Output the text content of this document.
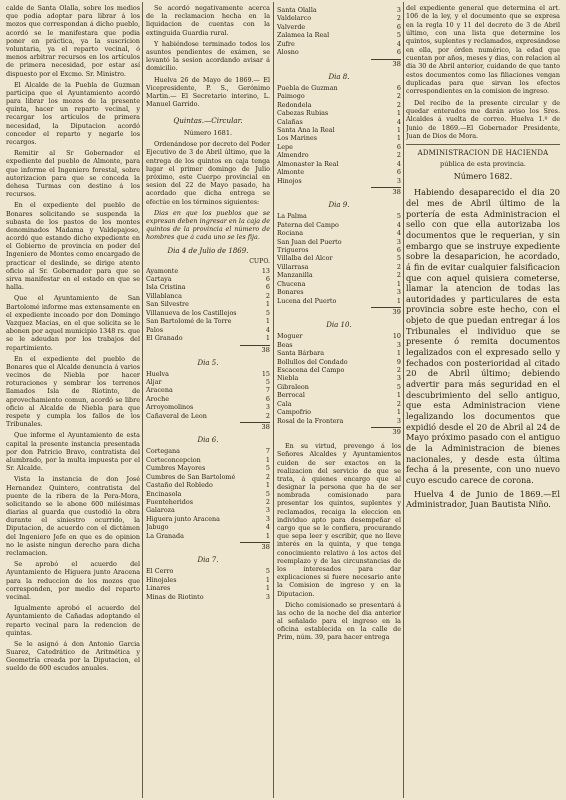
calde de Santa Olalla, sobre los medios que podia adoptar para librar á los mozos que correspondan á dicho pueblo, acordó se le manifestara que podia poner en práctica, ya la suscricion voluntaria, ya el reparto vecinal, ó menos arbitrar recursos en los artículos de primera necesidad, por estar así dispuesto por el Excmo. Sr. Ministro.

El Alcalde de la Puebla de Guzman participa que el Ayuntamiento acordó para librar los mozos de la presente quinta, hacer un reparto vecinal, y recargar los artículos de primera necesidad, la Diputacion acordó conceder el reparto y negarle los recargos.

Remitir al Sr Gobernador el expediente del pueblo de Almonte, para que informe el Ingeniero forestal, sobre autorizacion para que se conceda la dehesa Turmas con destino á los recursos.

En el expediente del pueblo de Bonares solicitando se suspenda la subasta de los pastos de los montes denominados Madama y Valdepajoso, acordó que estando dicho expediente en el Gobierno de provincia en poder del Ingeniero de Montes como encargado de practicar el deslinde, se dirige atento oficio al Sr. Gobernador para que se sirva manifestar en el estado en que se halla.

Que el Ayuntamiento de San Bartolomé informe mas extensamente en el expediente incoado por don Domingo Vazquez Macias, en el que solicita se le abonen por aquel municipio 1348 rs. que se le adeudan por los trabajos del repartimiento.

En el expediente del pueblo de Bonares que el Alcalde denuncia á varios vecinos de Niebla por hacer roturaciones y sembrar los terrenos llamados Isla de Riotinto, de aprovechamiento comun, acordó se libre oficio al Alcalde de Niebla para que respete y cumpla los fallos de los Tribunales.

Que informe el Ayuntamiento de esta capital la presente instancia presentada por don Patricio Bravo, contratista del alumbrado, por la multa impuesta por el Sr. Alcalde.

Vista la instancia de don José Hernandez Quintero, contratista del puente de la ribera de la Pera-Mora, solicitando se le abone 600 milésimas diarias al guarda que custodió la obra durante el siniestro ocurrido, la Diputacion, de acuerdo con el dictámen del Ingeniero Jefe en que es de opinion no le asiste ningun derecho para dicha reclamacion.

Se aprobó el acuerdo del Ayuntamiento de Higuera junto Aracena para la reduccion de los mozos que corresponden, por medio del reparto vecinal.

Igualmente aprobó el acuerdo del Ayuntamiento de Cañadas adoptando el reparto vecinal para la redencion de quintas.

Se le asignó á don Antonio Garcia Suarez, Catedrático de Aritmética y Geometría creada por la Diputacion, el sueldo de 600 escudos anuales.

Se acordó negativamente acerca de la reclamacion hecha en la liquidacion de cuentas con la extinguida Guardia rural.

Y habiéndose terminado todos los asuntos pendientes de exámen, se levantó la sesion acordando avisar á domicilio.

Huelva 26 de Mayo de 1869.— El Vicepresidente, P. S., Gerónimo Martin.— El Secretario interino, L. Manuel Garrido.

Quintas.—Circular.
Número 1681.

Ordenándose por decreto del Poder Ejecutivo de 3 de Abril último, que la entrega de los quintos en caja tenga lugar el primer domingo de Julio próximo, este Cuerpo provincial en sesion del 22 de Mayo pasado, ha acordado que dicha entrega se efectúe en los términos siguientes:

Dias en que los pueblos que se expresan deben ingresar en la caja de quintos de la provincia el número de hombres que á cada uno se les fija.

Dia 4 de Julio de 1869.
CUPO.
Ayamonte	13
Cartaya	6
Isla Cristina	6
Villablanca	2
San Silvestre	1
Villanueva de los Castillejos	5
San Bartolomé de la Torre	1
Palos	4
El Granado	1
38
Dia 5.
Huelva	15
Aljar	5
Aracena	7
Aroche	6
Arroyomolinos	3
Cañaveral de Leon	2
38
Dia 6.
Cortegana	7
Corteconcepcion	1
Cumbres Mayores	5
Cumbres de San Bartolomé	2
Castaño del Robledo	1
Encinasola	5
Fuenteheridos	2
Galaroza	3
Higuera junto Aracena	3
Jabugo	4
La Granada	1
38
Dia 7.
El Cerro	5
Hinojales	1
Linares	1
Minas de Riotinto	3
Santa Olalla	3
Valdelarco	2
Valverde	6
Zalamea la Real	5
Zufre	4
Alosno	6
38
Dia 8.
Puebla de Guzman	6
Paimogo	2
Redondela	2
Cabezas Rubias	1
Calañas	4
Santa Ana la Real	1
Los Marines	1
Lepe	6
Almendro	2
Almonaster la Real	4
Almonte	6
Hinojos	3
38
Dia 9.
La Palma	5
Paterna del Campo	4
Rociana	4
San Juan del Puerto	3
Trigueros	6
Villalba del Alcor	5
Villarrasa	2
Manzanilla	2
Chucena	1
Bonares	3
Lucena del Puerto	1
39
Dia 10.
Moguer	10
Beas	3
Santa Bárbara	1
Bollullos del Condado	9
Escacena del Campo	2
Niebla	3
Gibraleon	5
Berrocal	1
Cala	2
Campofrio	1
Rosal de la Frontera	3
39

En su virtud, prevengo á los Señores Alcaldes y Ayuntamientos cuiden de ser exactos en la realizacion del servicio de que se trata, á quienes encargo que al designar la persona que ha de ser nombrada comisionado para presentar los quintos, suplentes y reclamados, recaiga la eleccion en individuo apto para desempeñar el cargo que se le confiera, procurando que sepa leer y escribir, que no lleve interés en la quinta, y que tenga conocimiento relativo á los actos del reemplazo y de las circunstancias de los interesados para dar explicaciones si fuere necesario ante la Comision de ingreso y en la Diputacion.

Dicho comisionado se presentará á las ocho de la noche del dia anterior al señalado para el ingreso en la oficina establecida en la calle de Prim, núm. 39, para hacer entrega

del expediente general que determina el art. 106 de la ley, y el documento que se expresa en la regla 10 y 11 del decreto de 3 de Abril último, con una lista que determine los quintos, suplentes y reclamados, expresándose en ella, por órden numérico, la edad que cuentan por años, meses y dias, con relacion al dia 30 de Abril anterior, cuidando de que tanto estos documentos como las filiaciones vengan duplicadas para que sirvan los efectos correspondientes en la comision de ingreso.

Del recibo de la presente circular y de quedar enterados me darán aviso los Sres. Alcaldes á vuelta de correo. Huelva 1.º de Junio de 1869.—El Gobernador Presidente, Juan de Dios de Mora.

ADMINISTRACION DE HACIENDA
pública de esta provincia.
Número 1682.

Habiendo desaparecido el dia 20 del mes de Abril último de la portería de esta Administracion el sello con que ella autorizaba los documentos que le requerian, y sin embargo que se instruye expediente sobre la desaparicion, he acordado, á fin de evitar cualquier falsificacion que con aquel quisiera cometerse, llamar la atencion de todas las autoridades y particulares de esta provincia sobre este hecho, con el objeto de que puedan entregar á los Tribunales el individuo que se presente ó remita documentos legalizados con el expresado sello y fechados con posterioridad al citado 20 de Abril último; debiendo advertir para más seguridad en el descubrimiento del sello antiguo, que esta Administracion viene legalizando los documentos que expidió desde el 20 de Abril al 24 de Mayo próximo pasado con el antiguo de la Administracion de bienes nacionales, y desde esta última fecha á la presente, con uno nuevo cuyo escudo carece de corona.

Huelva 4 de Junio de 1869.—El Administrador, Juan Bautista Niño.
